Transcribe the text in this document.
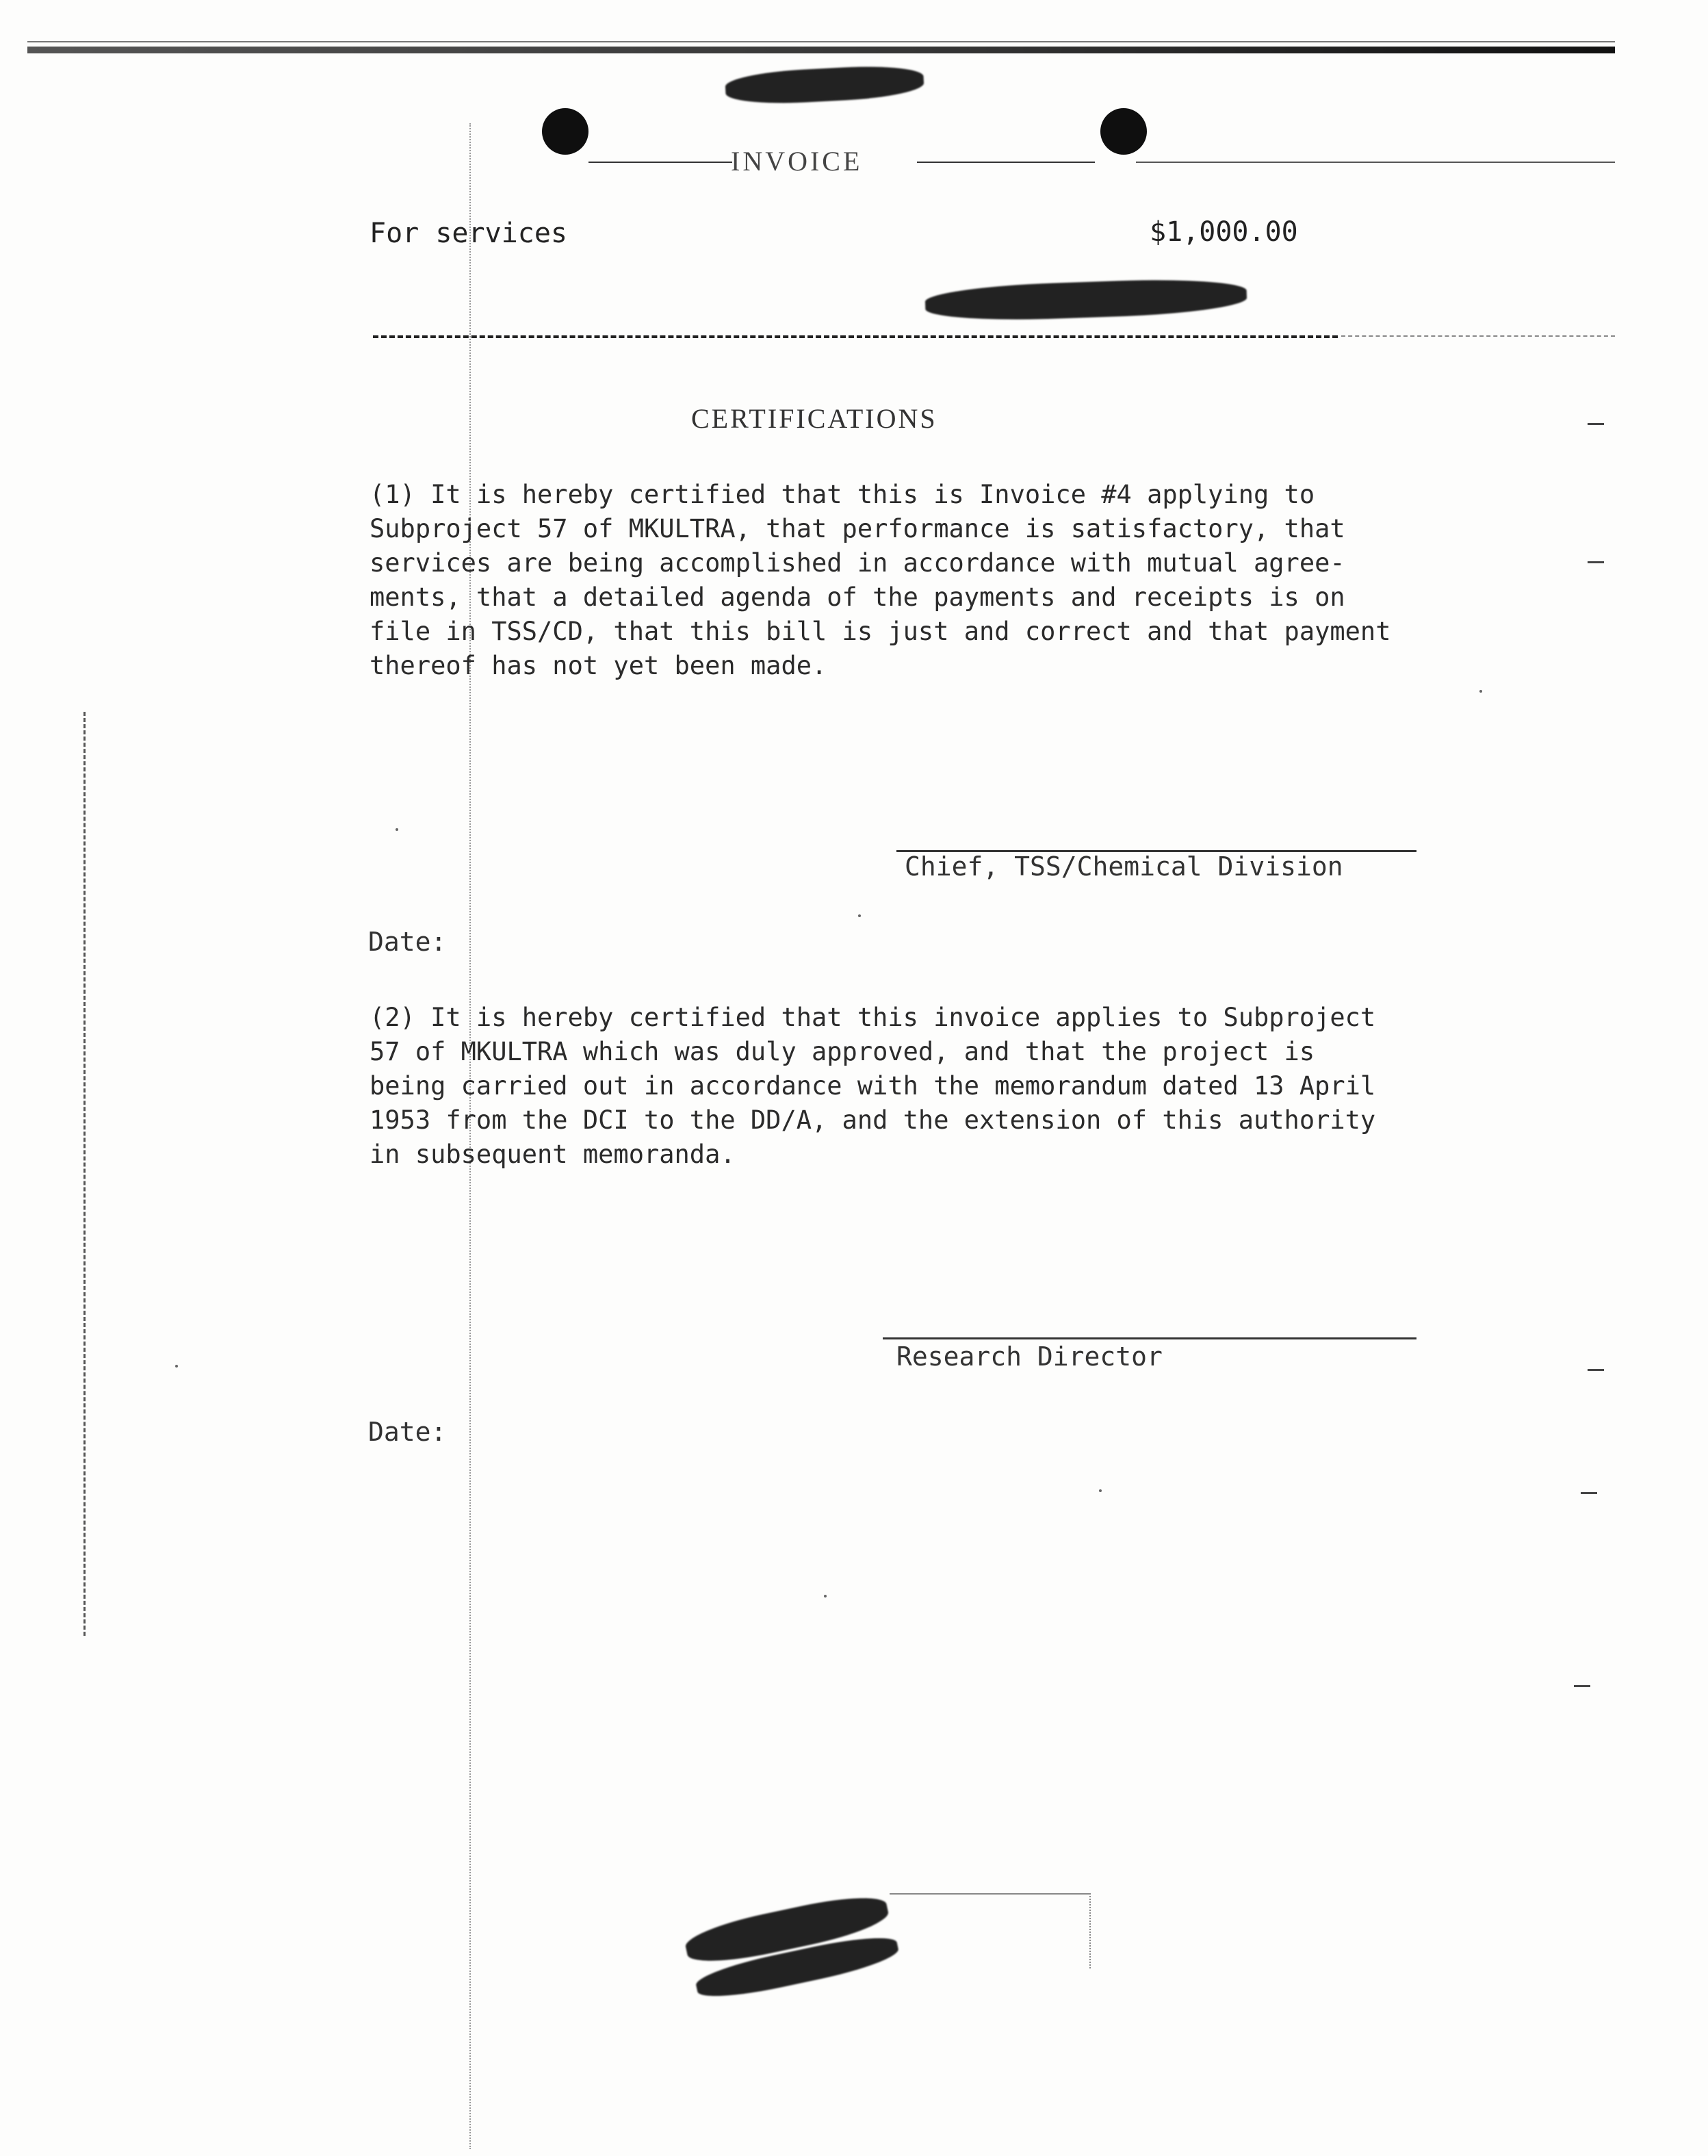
INVOICE
For services	$1,000.00
CERTIFICATIONS
(1) It is hereby certified that this is Invoice #4 applying to
Subproject 57 of MKULTRA, that performance is satisfactory, that
services are being accomplished in accordance with mutual agree-
ments, that a detailed agenda of the payments and receipts is on
file in TSS/CD, that this bill is just and correct and that payment
thereof has not yet been made.
Chief, TSS/Chemical Division
Date:
(2) It is hereby certified that this invoice applies to Subproject
57 of MKULTRA which was duly approved, and that the project is
being carried out in accordance with the memorandum dated 13 April
1953 from the DCI to the DD/A, and the extension of this authority
in subsequent memoranda.
Research Director
Date:
